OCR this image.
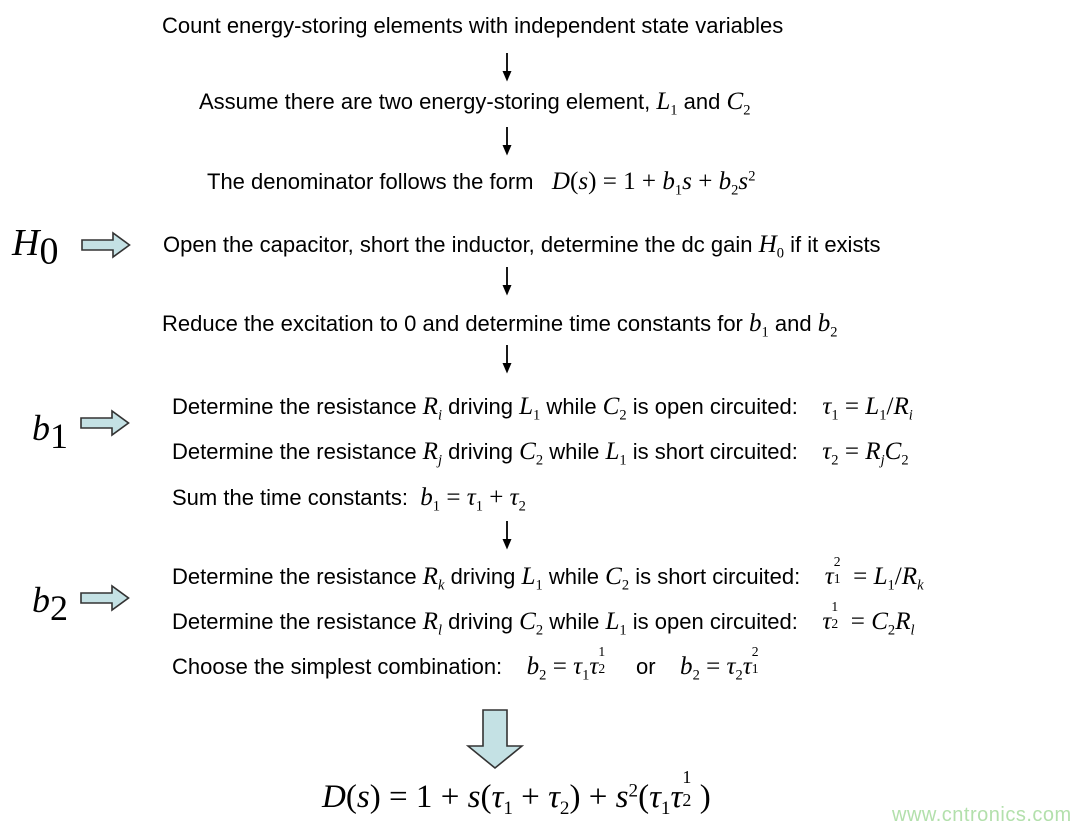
Count energy-storing elements with independent state variables
Assume there are two energy-storing element, $L_1$ and $C_2$
The denominator follows the form   $D(s) = 1 + b_1s + b_2s^2$
$H_0$	Open the capacitor, short the inductor, determine the dc gain $H_0$ if it exists
Reduce the excitation to 0 and determine time constants for $b_1$ and $b_2$
$b_1$
Determine the resistance $R_i$ driving $L_1$ while $C_2$ is open circuited:    $\tau_1 = L_1/R_i$
Determine the resistance $R_j$ driving $C_2$ while $L_1$ is short circuited:    $\tau_2 = R_jC_2$
Sum the time constants:  $b_1 = \tau_1 + \tau_2$
$b_2$
Determine the resistance $R_k$ driving $L_1$ while $C_2$ is short circuited:    τ
2
$1 = L_1/R_k$
Determine the resistance $R_l$ driving $C_2$ while $L_1$ is open circuited:    τ
1
$2 = C_2R_l$
Choose the simplest combination:    $b_2 = \tau_1\tau$
1
2 or    $b_2 = \tau_2\tau$
2
1
$D(s) = 1 + s(\tau_1 + \tau_2) + s^2(\tau_1\tau$
1
2 )	www.cntronics.com
